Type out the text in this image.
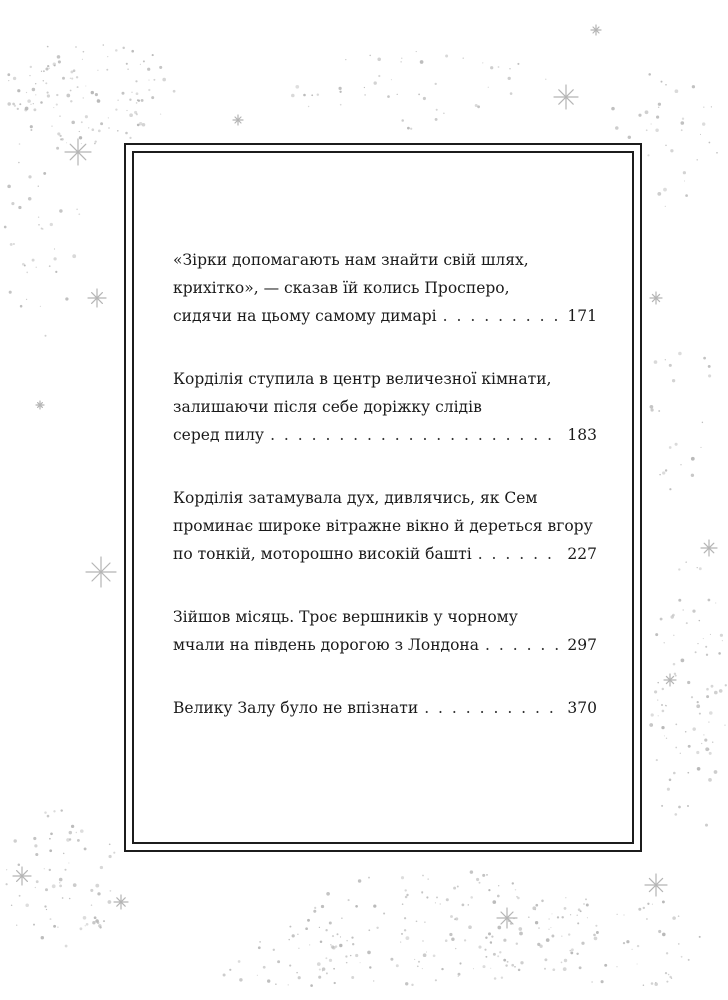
«Зірки допомагають нам знайти свій шлях,
крихітко», — сказав їй колись Просперо,
сидячи на цьому самому димарі . . .	171

Корділія ступила в центр величезної кімнати,
залишаючи після себе доріжку слідів
серед пилу . . .	183

Корділія затамувала дух, дивлячись, як Сем
проминає широке вітражне вікно й дереться вгору
по тонкій, моторошно високій башті . . .	227

Зійшов місяць. Троє вершників у чорному
мчали на південь дорогою з Лондона . . .	297

Велику Залу було не впізнати . . .	370
